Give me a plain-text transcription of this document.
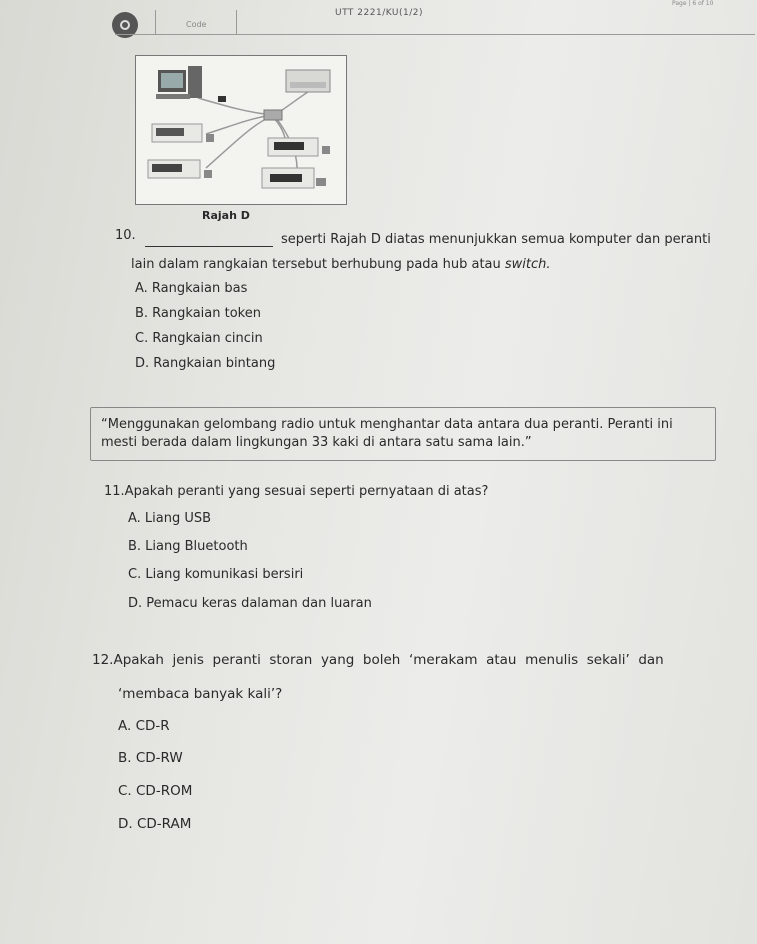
Code
UTT 2221/KU(1/2)
Page | 6 of 10
Rajah D
10.	seperti Rajah D diatas menunjukkan semua komputer dan peranti
lain dalam rangkaian tersebut berhubung pada hub atau switch.
A. Rangkaian bas
B. Rangkaian token
C. Rangkaian cincin
D. Rangkaian bintang
“Menggunakan gelombang radio untuk menghantar data antara dua peranti. Peranti ini mesti berada dalam lingkungan 33 kaki di antara satu sama lain.”
11.Apakah peranti yang sesuai seperti pernyataan di atas?
A. Liang USB
B. Liang Bluetooth
C. Liang komunikasi bersiri
D. Pemacu keras dalaman dan luaran
12.Apakah  jenis  peranti  storan  yang  boleh  ‘merakam  atau  menulis  sekali’  dan
‘membaca banyak kali’?
A. CD-R
B. CD-RW
C. CD-ROM
D. CD-RAM
